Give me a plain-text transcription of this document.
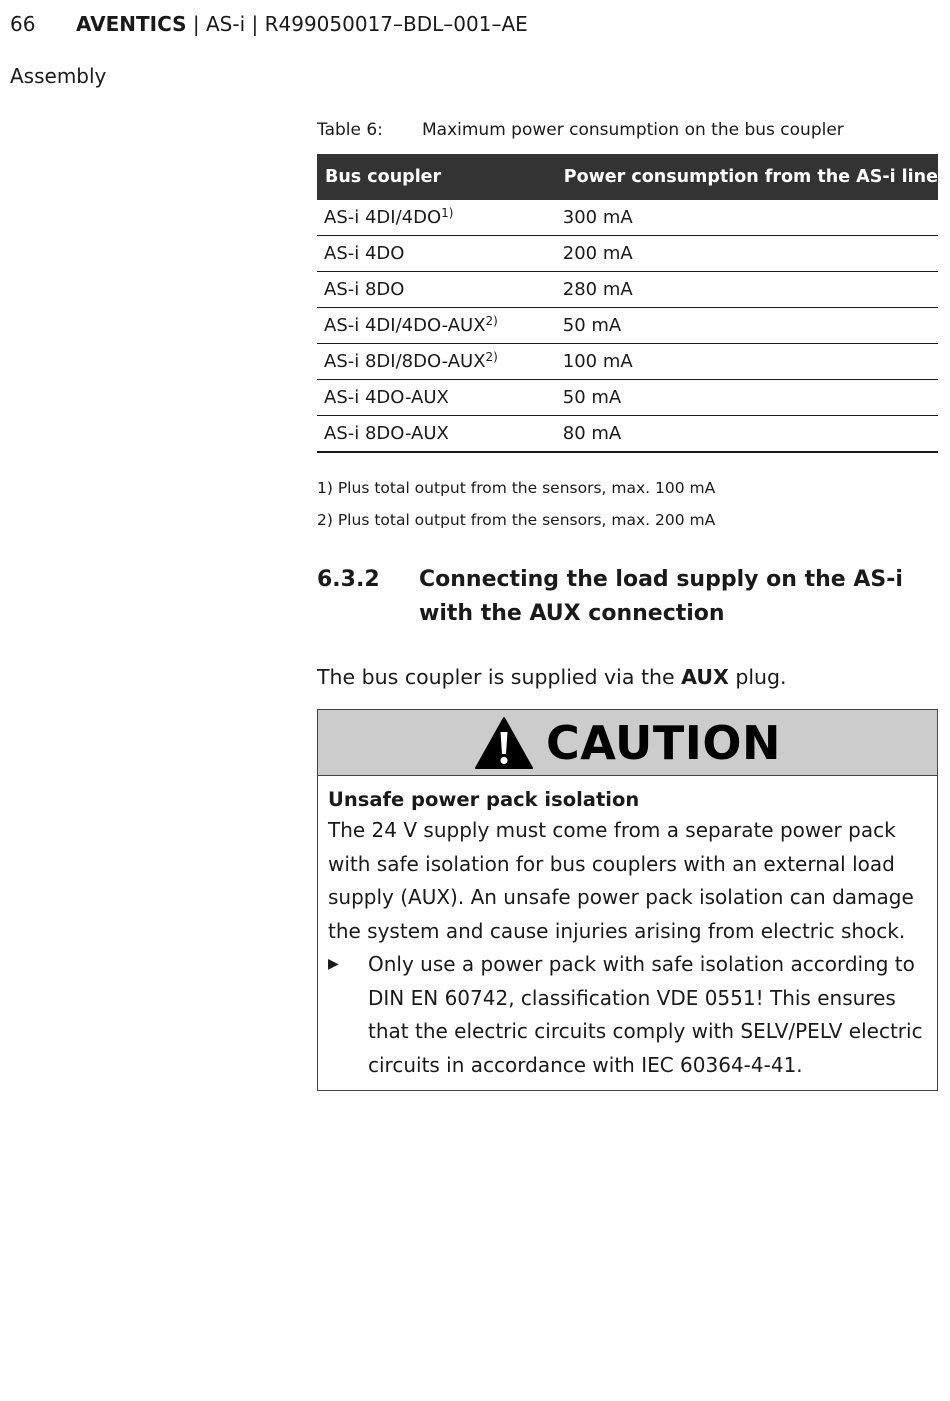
66 AVENTICS | AS-i | R499050017–BDL–001–AE
Assembly
Table 6: Maximum power consumption on the bus coupler
Bus coupler	Power consumption from the AS-i line
AS-i 4DI/4DO$^{1)}$	300 mA
AS-i 4DO	200 mA
AS-i 8DO	280 mA
AS-i 4DI/4DO-AUX$^{2)}$	50 mA
AS-i 8DI/8DO-AUX$^{2)}$	100 mA
AS-i 4DO-AUX	50 mA
AS-i 8DO-AUX	80 mA
1) Plus total output from the sensors, max. 100 mA
2) Plus total output from the sensors, max. 200 mA
6.3.2 Connecting the load supply on the AS-i with the AUX connection
The bus coupler is supplied via the AUX plug.
CAUTION
Unsafe power pack isolation
The 24 V supply must come from a separate power pack with safe isolation for bus couplers with an external load supply (AUX). An unsafe power pack isolation can damage the system and cause injuries arising from electric shock.
▶ Only use a power pack with safe isolation according to DIN EN 60742, classification VDE 0551! This ensures that the electric circuits comply with SELV/PELV electric circuits in accordance with IEC 60364-4-41.
